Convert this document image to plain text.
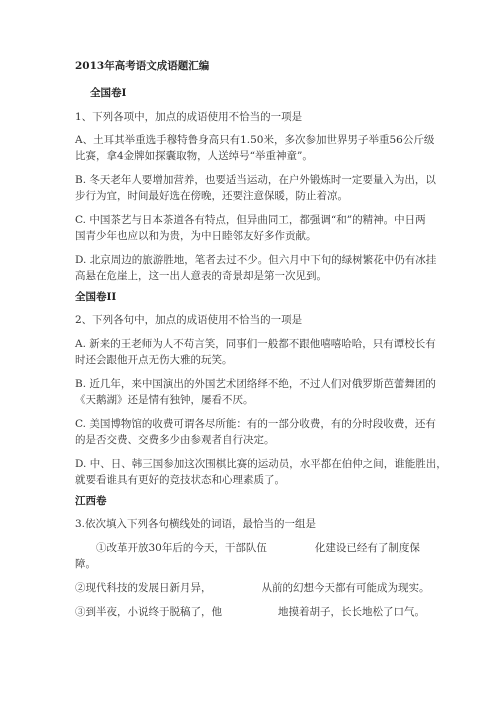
2013年高考语文成语题汇编
全国卷Ⅰ
1、下列各项中，加点的成语使用不恰当的一项是
A、土耳其举重选手穆特鲁身高只有1.50米，多次参加世界男子举重56公斤级
比赛，拿4金牌如探囊取物，人送绰号“举重神童”。
B. 冬天老年人要增加营养，也要适当运动，在户外锻炼时一定要量入为出，以
步行为宜，时间最好选在傍晚，还要注意保暖，防止着凉。
C. 中国茶艺与日本茶道各有特点，但异曲同工，都强调“和”的精神。中日两
国青少年也应以和为贵，为中日睦邻友好多作贡献。
D. 北京周边的旅游胜地，笔者去过不少。但六月中下旬的绿树繁花中仍有冰挂
高悬在危崖上，这一出人意表的奇景却是第一次见到。
全国卷II
2、下列各句中，加点的成语使用不恰当的一项是
A. 新来的王老师为人不苟言笑，同事们一般都不跟他嘻嘻哈哈，只有谭校长有
时还会跟他开点无伤大雅的玩笑。
B. 近几年，来中国演出的外国艺术团络绎不绝，不过人们对俄罗斯芭蕾舞团的
《天鹅湖》还是情有独钟，屡看不厌。
C. 美国博物馆的收费可谓各尽所能：有的一部分收费，有的分时段收费，还有
的是否交费、交费多少由参观者自行决定。
D. 中、日、韩三国参加这次围棋比赛的运动员，水平都在伯仲之间，谁能胜出，
就要看谁具有更好的竞技状态和心理素质了。
江西卷
3.依次填入下列各句横线处的词语，最恰当的一组是
①改革开放30年后的今天，干部队伍	化建设已经有了制度保
障。
②现代科技的发展日新月异，	从前的幻想今天都有可能成为现实。
③到半夜，小说终于脱稿了，他	地摸着胡子，长长地松了口气。
